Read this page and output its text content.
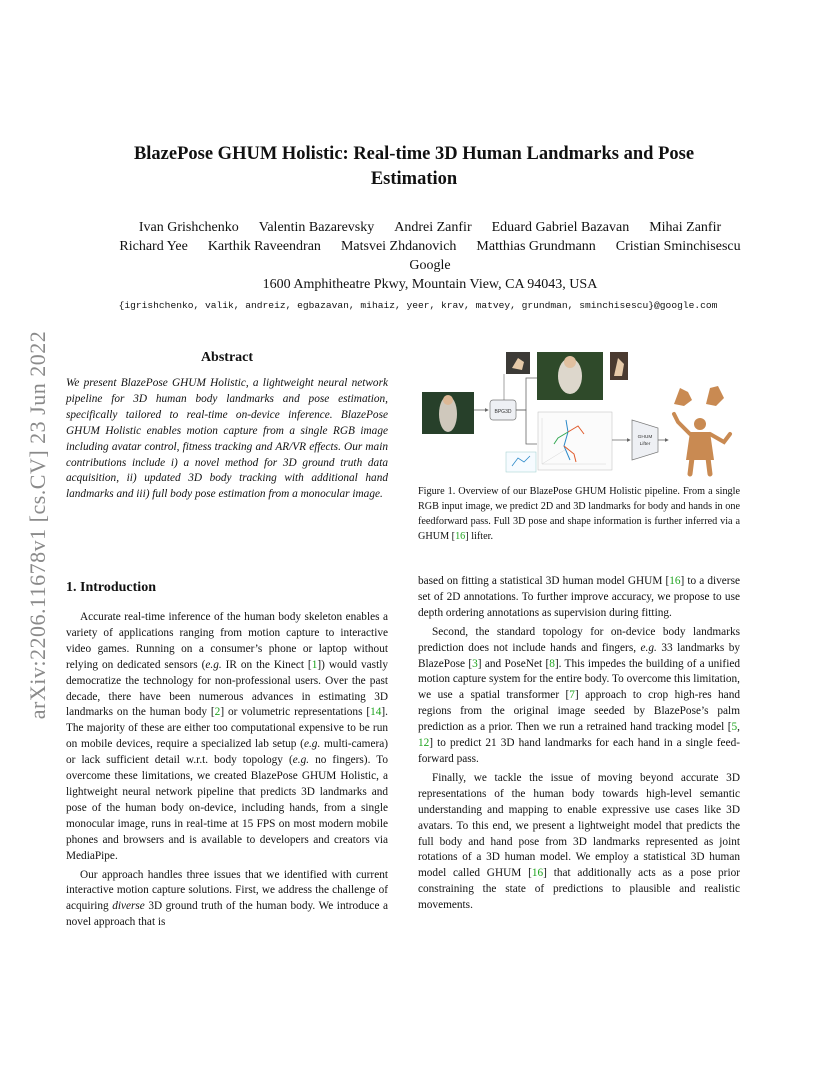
arXiv:2206.11678v1 [cs.CV] 23 Jun 2022
BlazePose GHUM Holistic: Real-time 3D Human Landmarks and Pose Estimation
Ivan Grishchenko Valentin Bazarevsky Andrei Zanfir Eduard Gabriel Bazavan Mihai Zanfir
Richard Yee Karthik Raveendran Matsvei Zhdanovich Matthias Grundmann Cristian Sminchisescu
Google
1600 Amphitheatre Pkwy, Mountain View, CA 94043, USA
{igrishchenko, valik, andreiz, egbazavan, mihaiz, yeer, krav, matvey, grundman, sminchisescu}@google.com
Abstract
We present BlazePose GHUM Holistic, a lightweight neural network pipeline for 3D human body landmarks and pose estimation, specifically tailored to real-time on-device inference. BlazePose GHUM Holistic enables motion capture from a single RGB image including avatar control, fitness tracking and AR/VR effects. Our main contributions include i) a novel method for 3D ground truth data acquisition, ii) updated 3D body tracking with additional hand landmarks and iii) full body pose estimation from a monocular image.
BPG3D
GHUM
Lifter
Figure 1. Overview of our BlazePose GHUM Holistic pipeline. From a single RGB input image, we predict 2D and 3D landmarks for body and hands in one feedforward pass. Full 3D pose and shape information is further inferred via a GHUM [16] lifter.
1. Introduction

Accurate real-time inference of the human body skeleton enables a variety of applications ranging from motion capture to interactive video games. Running on a consumer’s phone or laptop without relying on dedicated sensors (e.g. IR on the Kinect [1]) would vastly democratize the technology for non-professional users. Over the past decade, there have been numerous advances in estimating 3D landmarks on the human body [2] or volumetric representations [14]. The majority of these are either too computational expensive to be run on mobile devices, require a specialized lab setup (e.g. multi-camera) or lack sufficient detail w.r.t. body topology (e.g. no fingers). To overcome these limitations, we created BlazePose GHUM Holistic, a lightweight neural network pipeline that predicts 3D landmarks and pose of the human body on-device, including hands, from a single monocular image, runs in real-time at 15 FPS on most modern mobile phones and browsers and is available to developers and creators via MediaPipe.

Our approach handles three issues that we identified with current interactive motion capture solutions. First, we address the challenge of acquiring diverse 3D ground truth of the human body. We introduce a novel approach that is

based on fitting a statistical 3D human model GHUM [16] to a diverse set of 2D annotations. To further improve accuracy, we propose to use depth ordering annotations as supervision during fitting.

Second, the standard topology for on-device body landmarks prediction does not include hands and fingers, e.g. 33 landmarks by BlazePose [3] and PoseNet [8]. This impedes the building of a unified motion capture system for the entire body. To overcome this limitation, we use a spatial transformer [7] approach to crop high-res hand regions from the original image seeded by BlazePose’s palm prediction as a prior. Then we run a retrained hand tracking model [5, 12] to predict 21 3D hand landmarks for each hand in a single feed-forward pass.

Finally, we tackle the issue of moving beyond accurate 3D representations of the human body towards high-level semantic understanding and mapping to enable expressive use cases like 3D avatars. To this end, we present a lightweight model that predicts the full body and hand pose from 3D landmarks represented as joint rotations of a 3D human model. We employ a statistical 3D human model called GHUM [16] that additionally acts as a pose prior constraining the state of predictions to plausible and realistic movements.
